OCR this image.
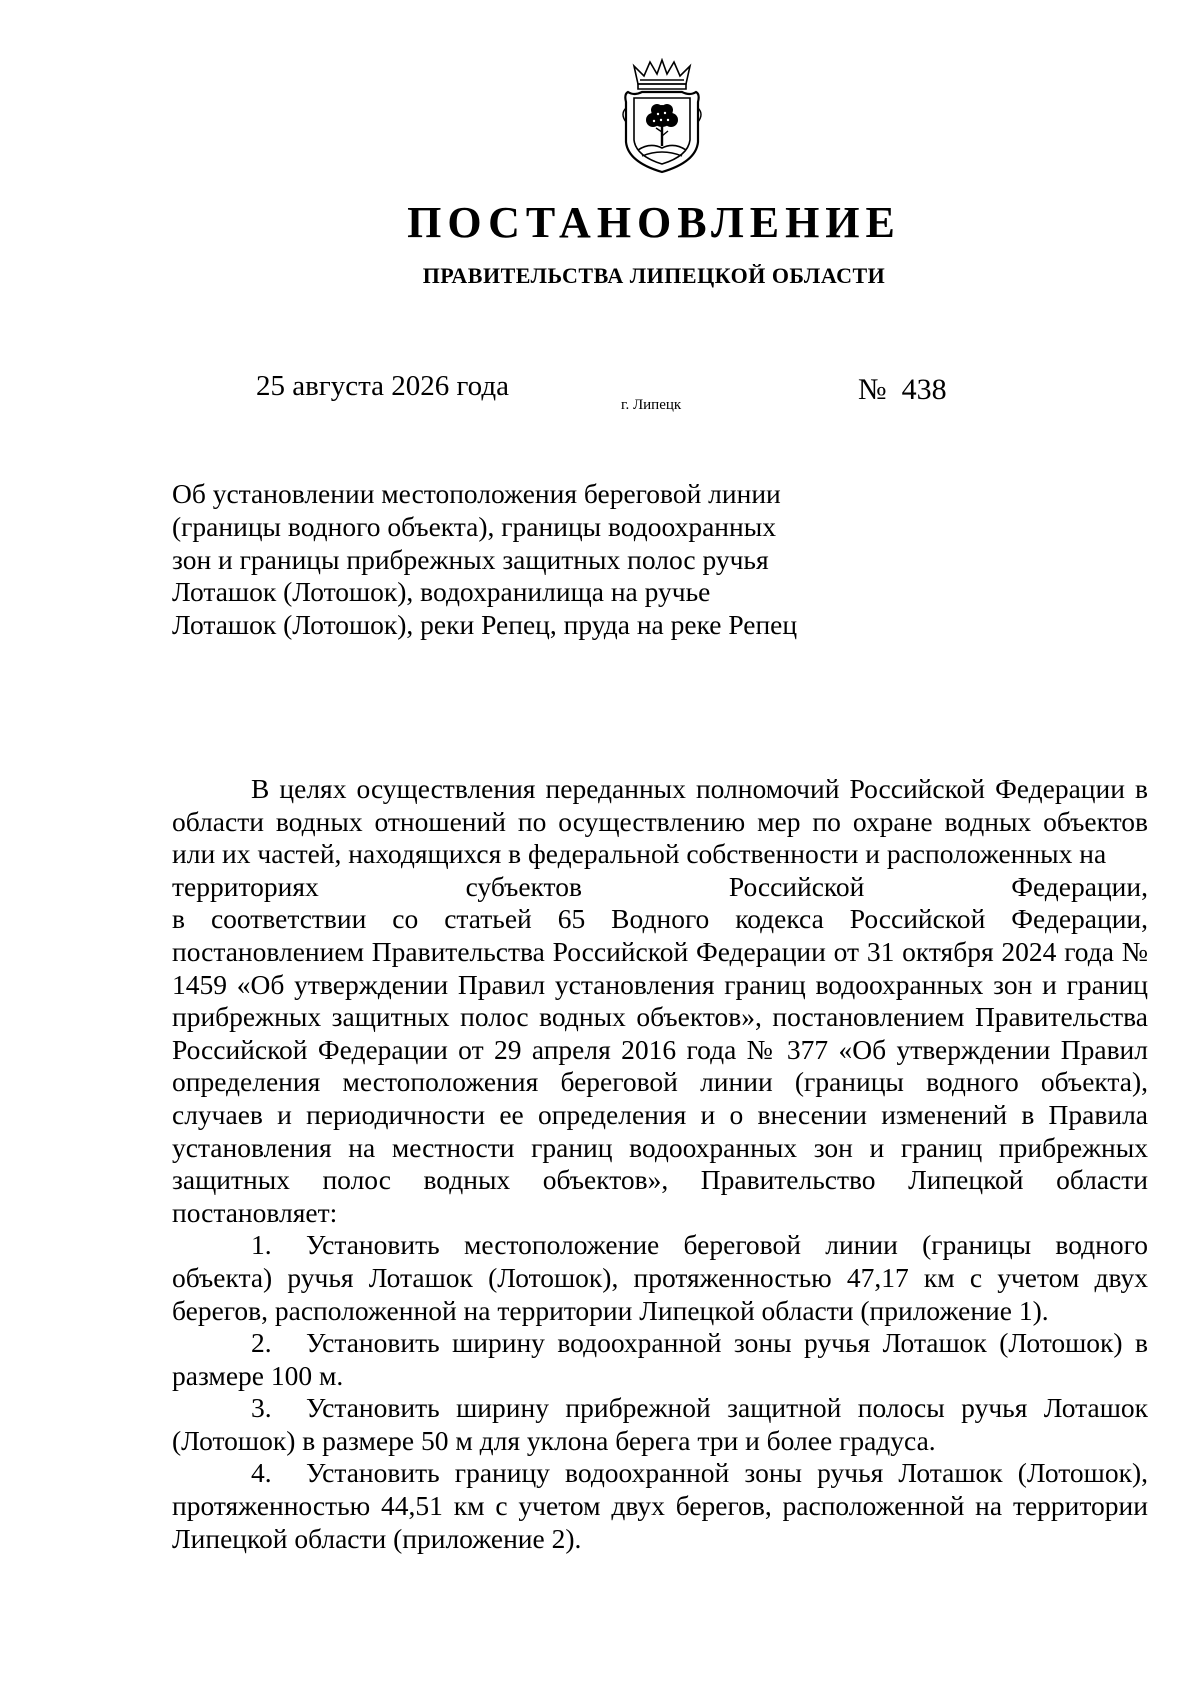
ПОСТАНОВЛЕНИЕ
ПРАВИТЕЛЬСТВА ЛИПЕЦКОЙ ОБЛАСТИ
25 августа 2026 года
г. Липецк	№  438
Об установлении местоположения береговой линии
(границы водного объекта), границы водоохранных
зон и границы прибрежных защитных полос ручья
Лоташок (Лотошок), водохранилища на ручье
Лоташок (Лотошок), реки Репец, пруда на реке Репец

В целях осуществления переданных полномочий Российской Федерации в области водных отношений по осуществлению мер по охране водных объектов или их частей, находящихся в федеральной собственности и расположенных на

территориях	субъектов	Российской	Федерации,

в соответствии со статьей 65 Водного кодекса Российской Федерации, постановлением Правительства Российской Федерации от 31 октября 2024 года № 1459 «Об утверждении Правил установления границ водоохранных зон и границ прибрежных защитных полос водных объектов», постановлением Правительства Российской Федерации от 29 апреля 2016 года № 377 «Об утверждении Правил определения местоположения береговой линии (границы водного объекта), случаев и периодичности ее определения и о внесении изменений в Правила установления на местности границ водоохранных зон и границ прибрежных защитных полос водных объектов», Правительство Липецкой области постановляет:

1. Установить местоположение береговой линии (границы водного объекта) ручья Лоташок (Лотошок), протяженностью 47,17 км с учетом двух берегов, расположенной на территории Липецкой области (приложение 1).

2. Установить ширину водоохранной зоны ручья Лоташок (Лотошок) в размере 100 м.

3. Установить ширину прибрежной защитной полосы ручья Лоташок (Лотошок) в размере 50 м для уклона берега три и более градуса.

4. Установить границу водоохранной зоны ручья Лоташок (Лотошок), протяженностью 44,51 км с учетом двух берегов, расположенной на территории Липецкой области (приложение 2).
